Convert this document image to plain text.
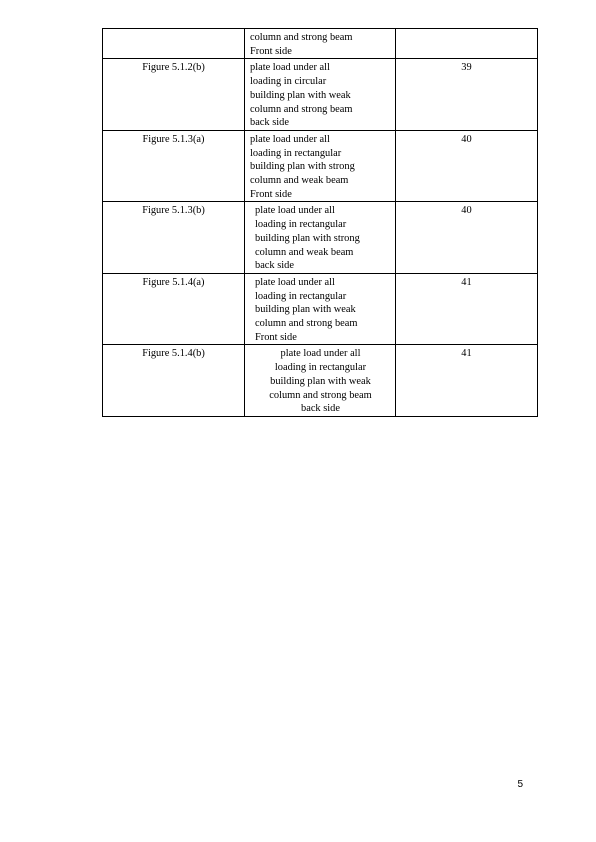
	column and strong beam
Front side	

Figure 5.1.2(b)	plate load under all
loading in circular
building plan with weak
column and strong beam
back side	39
Figure 5.1.3(a)	plate load under all
loading in rectangular
building plan with strong
column and weak beam
Front side	40
Figure 5.1.3(b)	plate load under all
loading in rectangular
building plan with strong
column and weak beam
back side	40
Figure 5.1.4(a)	plate load under all
loading in rectangular
building plan with weak
column and strong beam
Front side	41
Figure 5.1.4(b)	plate load under all
loading in rectangular
building plan with weak
column and strong beam
back side	41
5
